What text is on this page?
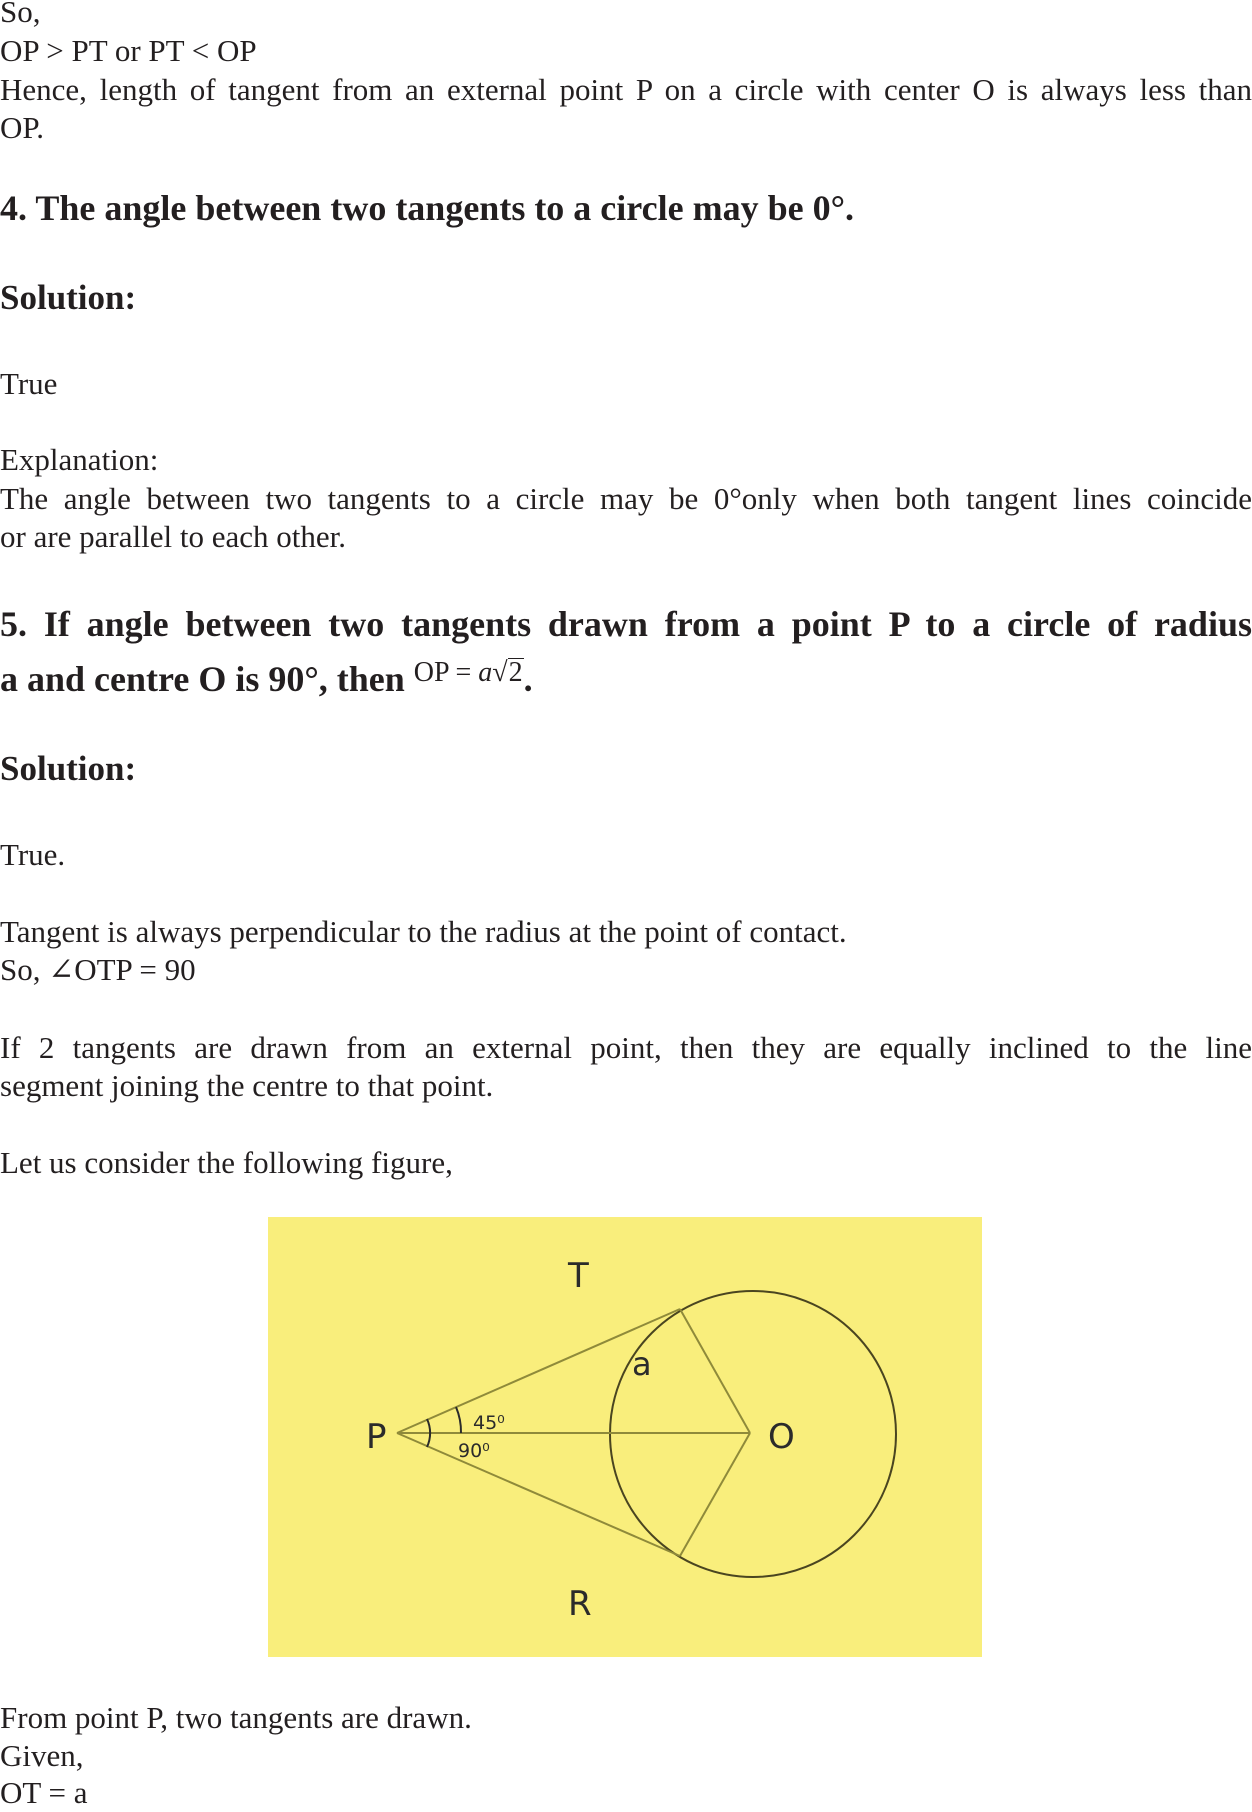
So,
OP > PT or PT < OP
Hence, length of tangent from an external point P on a circle with center O is always less than
OP.
4. The angle between two tangents to a circle may be 0°.
Solution:
True
Explanation:
The angle between two tangents to a circle may be 0°only when both tangent lines coincide
or are parallel to each other.
5. If angle between two tangents drawn from a point P to a circle of radius
a and centre O is 90°, then $^{OP = a√2}$.
Solution:
True.
Tangent is always perpendicular to the radius at the point of contact.
So, ∠OTP = 90
If 2 tangents are drawn from an external point, then they are equally inclined to the line
segment joining the centre to that point.
Let us consider the following figure,
P
T
O
R
a
45⁰
90⁰
From point P, two tangents are drawn.
Given,
OT = a
